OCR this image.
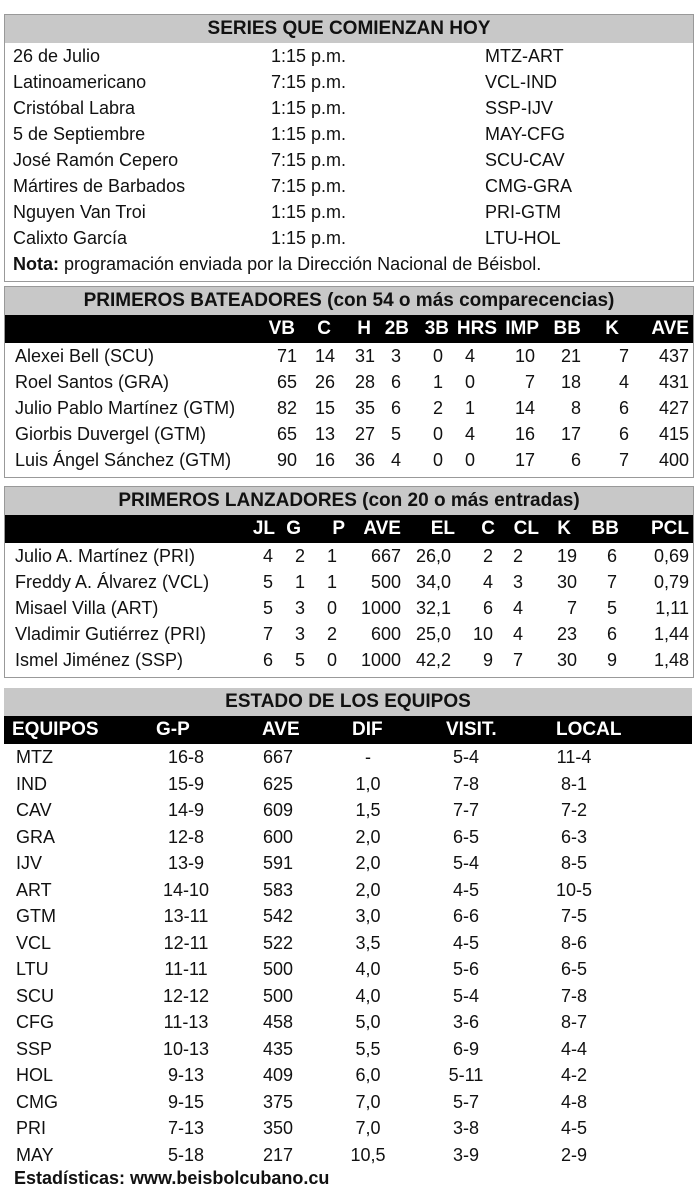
SERIES QUE COMIENZAN HOY
26 de Julio	1:15 p.m.	MTZ-ART
Latinoamericano	7:15 p.m.	VCL-IND
Cristóbal Labra	1:15 p.m.	SSP-IJV
5 de Septiembre	1:15 p.m.	MAY-CFG
José Ramón Cepero	7:15 p.m.	SCU-CAV
Mártires de Barbados	7:15 p.m.	CMG-GRA
Nguyen Van Troi	1:15 p.m.	PRI-GTM
Calixto García	1:15 p.m.	LTU-HOL
Nota: programación enviada por la Dirección Nacional de Béisbol.
PRIMEROS BATEADORES (con 54 o más comparecencias)
VB C H 2B 3B HRS IMP BB K AVE
Alexei Bell (SCU)	71 14 31 3 0 4 10 21 7 437
Roel Santos (GRA)	65 26 28 6 1 0	7 18 4 431
Julio Pablo Martínez (GTM) 82 15 35 6 2 1 14 8 6 427
Giorbis Duvergel (GTM)	65 13 27 5 0 4 16 17 6 415
Luis Ángel Sánchez (GTM)	90 16 36 4 0 0 17 6 7 400
PRIMEROS LANZADORES (con 20 o más entradas)
JL G P AVE EL C CL K BB PCL
Julio A. Martínez (PRI)	4 2 1 667 26,0 2 2 19 6 0,69
Freddy A. Álvarez (VCL)	5 1 1 500 34,0 4 3 30 7 0,79
Misael Villa (ART)	5 3 0 1000 32,1 6 4 7 5 1,11
Vladimir Gutiérrez (PRI)	7 3 2 600 25,0 10 4 23 6 1,44
Ismel Jiménez (SSP)	6 5 0 1000 42,2 9 7 30 9 1,48
ESTADO DE LOS EQUIPOS
EQUIPOS	G-P	AVE	DIF	VISIT.	LOCAL
MTZ	16-8	667	-	5-4	11-4
IND	15-9	625	1,0	7-8	8-1
CAV	14-9	609	1,5	7-7	7-2
GRA	12-8	600	2,0	6-5	6-3
IJV	13-9	591	2,0	5-4	8-5
ART	14-10	583	2,0	4-5	10-5
GTM	13-11	542	3,0	6-6	7-5
VCL	12-11	522	3,5	4-5	8-6
LTU	11-11	500	4,0	5-6	6-5
SCU	12-12	500	4,0	5-4	7-8
CFG	11-13	458	5,0	3-6	8-7
SSP	10-13	435	5,5	6-9	4-4
HOL	9-13	409	6,0	5-11	4-2
CMG	9-15	375	7,0	5-7	4-8
PRI	7-13	350	7,0	3-8	4-5
MAY	5-18	217	10,5	3-9	2-9
Estadísticas: www.beisbolcubano.cu
